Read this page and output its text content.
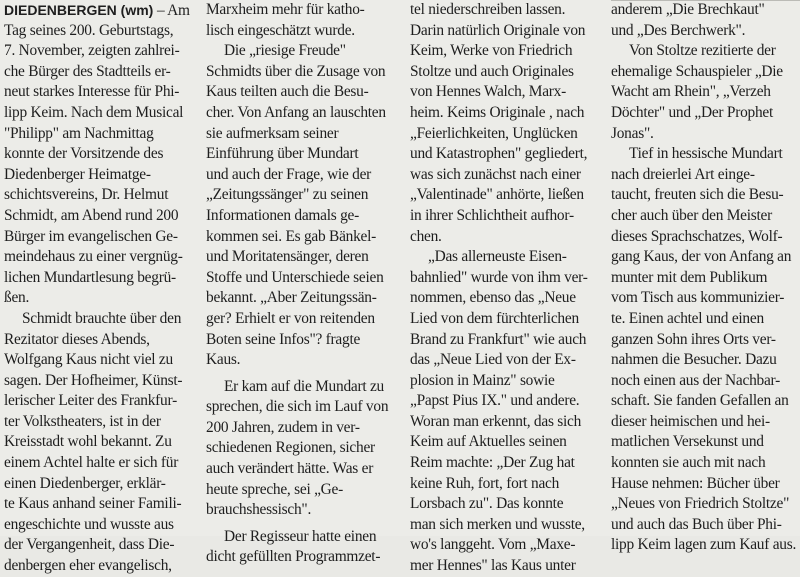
DIEDENBERGEN (wm) – Am
Tag seines 200. Geburtstags,
7. November, zeigten zahlrei-
che Bürger des Stadtteils er-
neut starkes Interesse für Phi-
lipp Keim. Nach dem Musical
"Philipp" am Nachmittag
konnte der Vorsitzende des
Diedenberger Heimatge-
schichtsvereins, Dr. Helmut
Schmidt, am Abend rund 200
Bürger im evangelischen Ge-
meindehaus zu einer vergnüg-
lichen Mundartlesung begrü-
ßen.
Schmidt brauchte über den
Rezitator dieses Abends,
Wolfgang Kaus nicht viel zu
sagen. Der Hofheimer, Künst-
lerischer Leiter des Frankfur-
ter Volkstheaters, ist in der
Kreisstadt wohl bekannt. Zu
einem Achtel halte er sich für
einen Diedenberger, erklär-
te Kaus anhand seiner Famili-
engeschichte und wusste aus
der Vergangenheit, dass Die-
denbergen eher evangelisch,
Marxheim mehr für katho-
lisch eingeschätzt wurde.
Die „riesige Freude"
Schmidts über die Zusage von
Kaus teilten auch die Besu-
cher. Von Anfang an lauschten
sie aufmerksam seiner
Einführung über Mundart
und auch der Frage, wie der
„Zeitungssänger" zu seinen
Informationen damals ge-
kommen sei. Es gab Bänkel-
und Moritatensänger, deren
Stoffe und Unterschiede seien
bekannt. „Aber Zeitungssän-
ger? Erhielt er von reitenden
Boten seine Infos"? fragte
Kaus.
Er kam auf die Mundart zu
sprechen, die sich im Lauf von
200 Jahren, zudem in ver-
schiedenen Regionen, sicher
auch verändert hätte. Was er
heute spreche, sei „Ge-
brauchshessisch".
Der Regisseur hatte einen
dicht gefüllten Programmzet-
tel niederschreiben lassen.
Darin natürlich Originale von
Keim, Werke von Friedrich
Stoltze und auch Originales
von Hennes Walch, Marx-
heim. Keims Originale , nach
„Feierlichkeiten, Unglücken
und Katastrophen" gegliedert,
was sich zunächst nach einer
„Valentinade" anhörte, ließen
in ihrer Schlichtheit aufhor-
chen.
„Das allerneuste Eisen-
bahnlied" wurde von ihm ver-
nommen, ebenso das „Neue
Lied von dem fürchterlichen
Brand zu Frankfurt" wie auch
das „Neue Lied von der Ex-
plosion in Mainz" sowie
„Papst Pius IX." und andere.
Woran man erkennt, das sich
Keim auf Aktuelles seinen
Reim machte: „Der Zug hat
keine Ruh, fort, fort nach
Lorsbach zu". Das konnte
man sich merken und wusste,
wo's langgeht. Vom „Maxe-
mer Hennes" las Kaus unter
anderem „Die Brechkaut"
und „Des Berchwerk".
Von Stoltze rezitierte der
ehemalige Schauspieler „Die
Wacht am Rhein", „Verzeh
Döchter" und „Der Prophet
Jonas".
Tief in hessische Mundart
nach dreierlei Art einge-
taucht, freuten sich die Besu-
cher auch über den Meister
dieses Sprachschatzes, Wolf-
gang Kaus, der von Anfang an
munter mit dem Publikum
vom Tisch aus kommunizier-
te. Einen achtel und einen
ganzen Sohn ihres Orts ver-
nahmen die Besucher. Dazu
noch einen aus der Nachbar-
schaft. Sie fanden Gefallen an
dieser heimischen und hei-
matlichen Versekunst und
konnten sie auch mit nach
Hause nehmen: Bücher über
„Neues von Friedrich Stoltze"
und auch das Buch über Phi-
lipp Keim lagen zum Kauf aus.
